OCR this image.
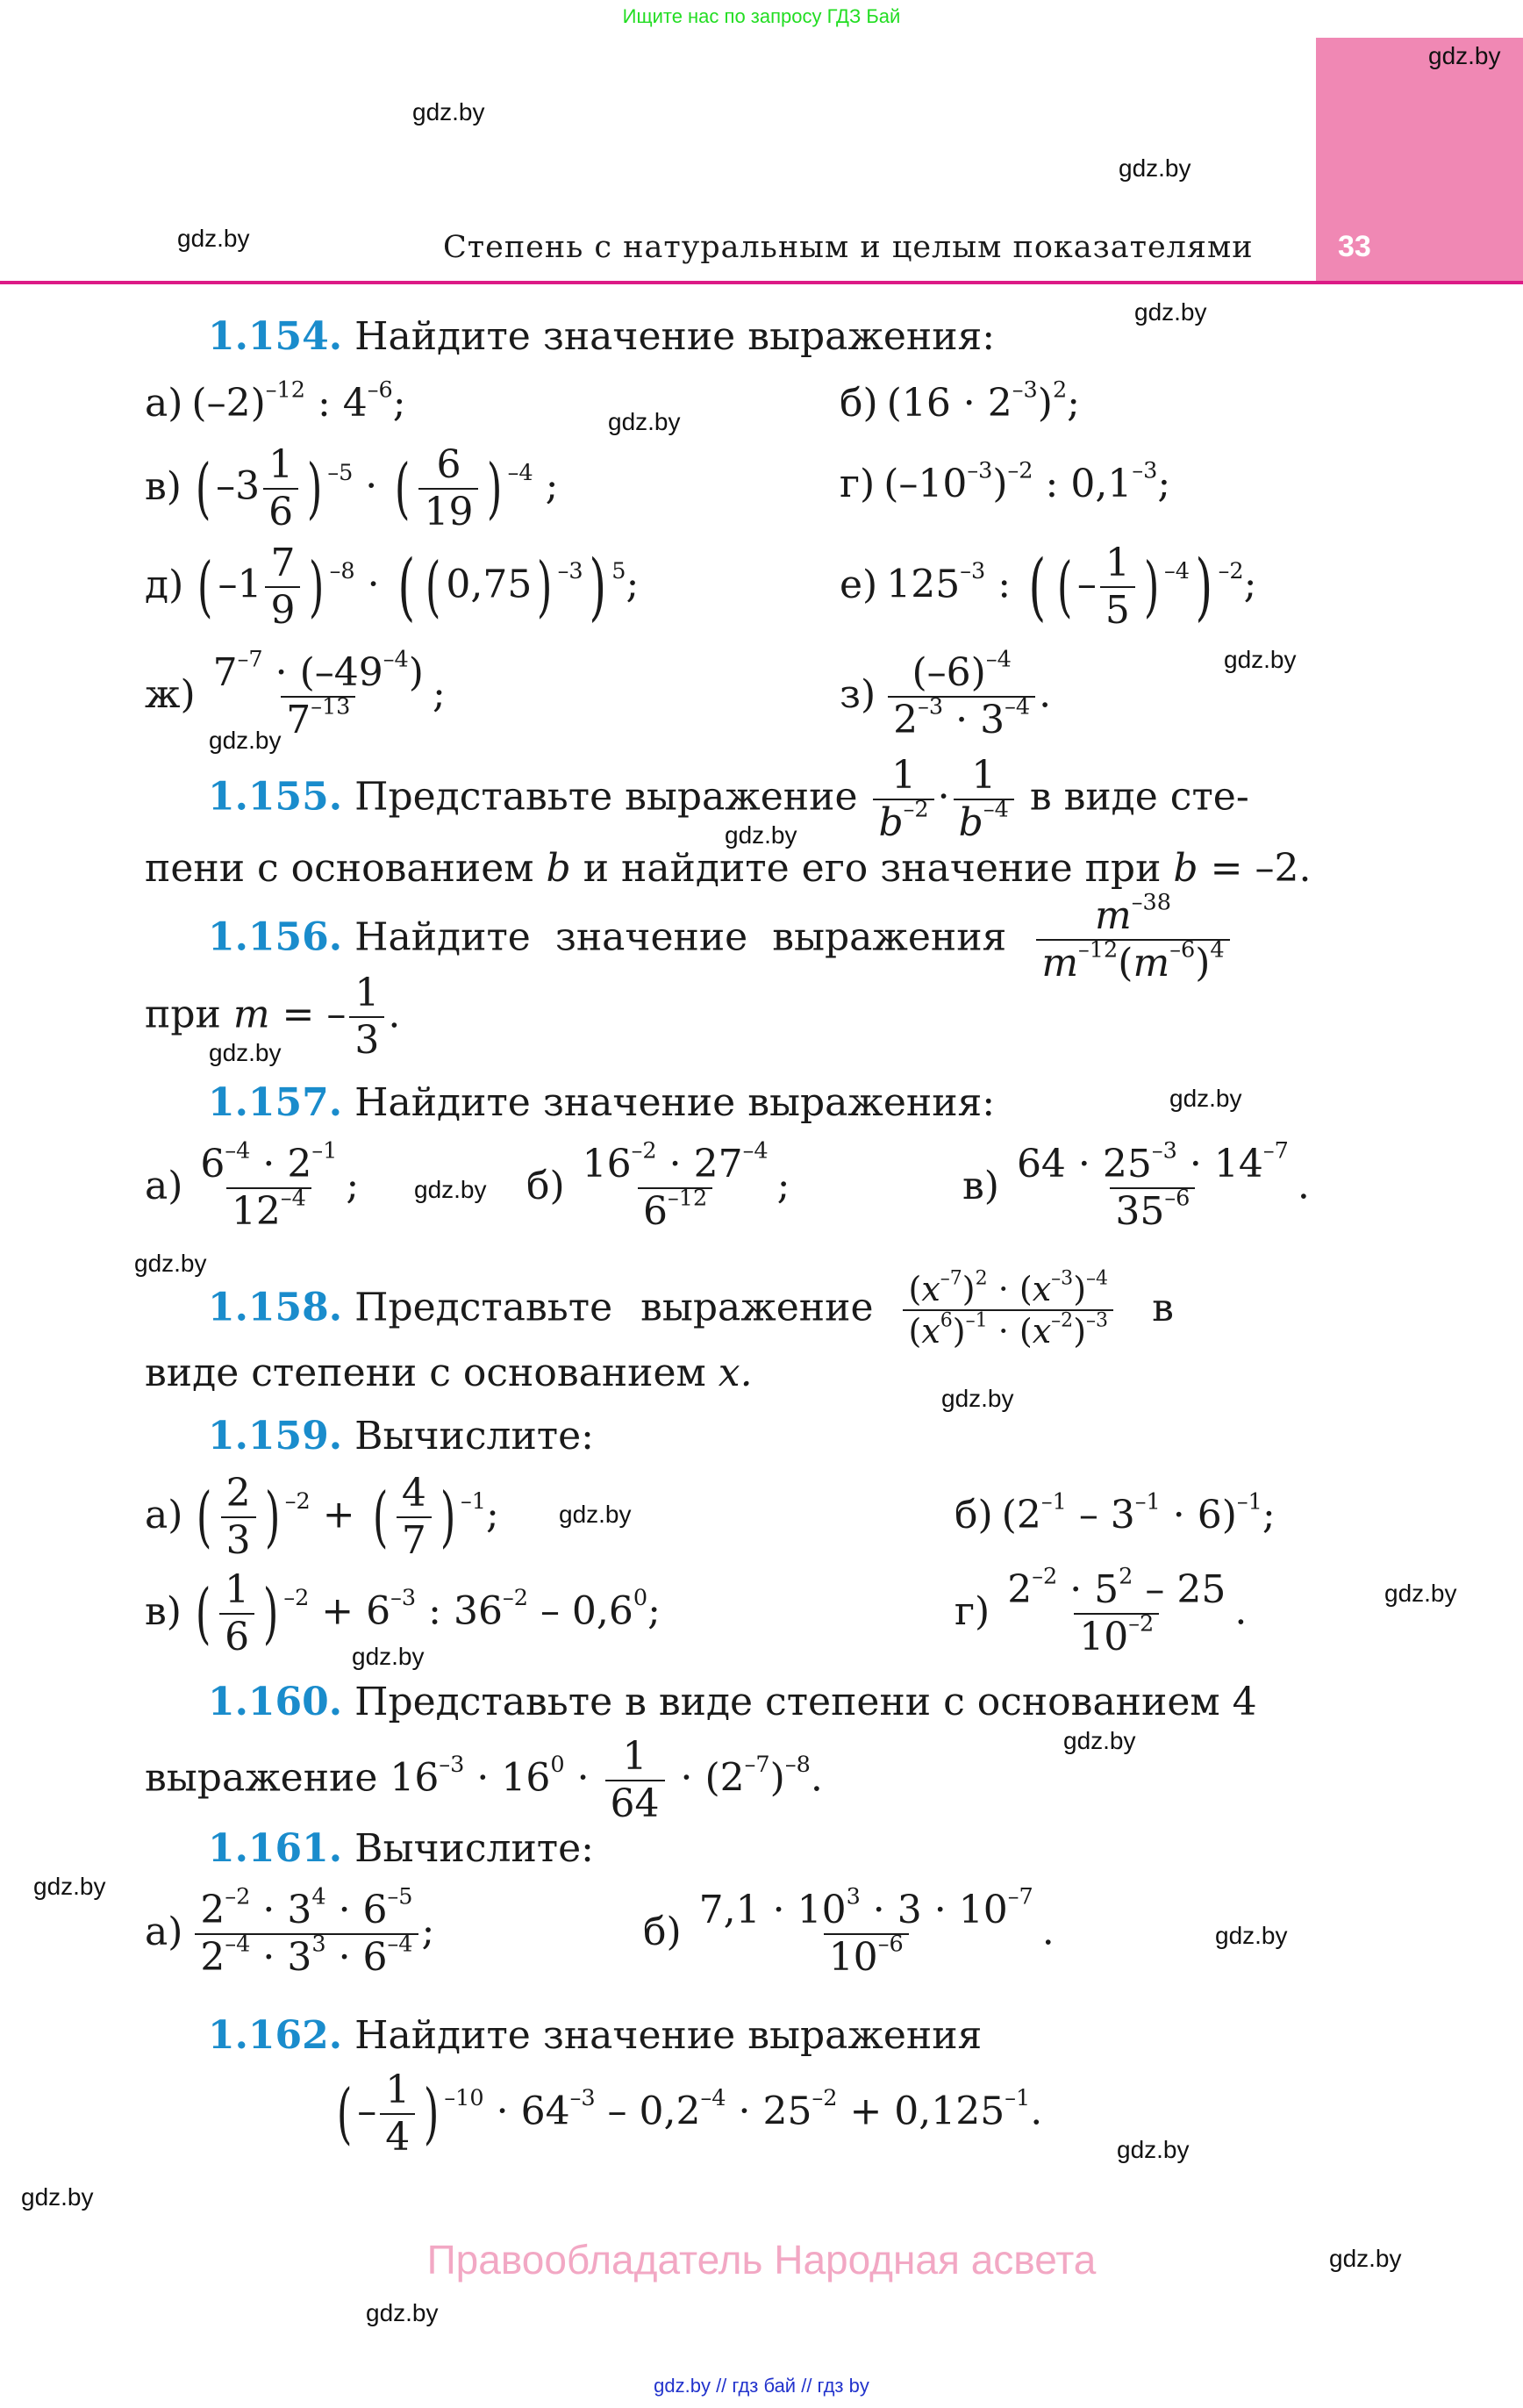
Ищите нас по запросу ГДЗ Бай
33
Степень с натуральным и целым показателями
gdz.by
gdz.by
gdz.by
gdz.by
gdz.by
gdz.by
gdz.by
gdz.by
gdz.by
gdz.by
gdz.by
gdz.by
gdz.by
gdz.by
gdz.by
gdz.by
gdz.by
gdz.by
gdz.by
gdz.by
gdz.by
gdz.by
gdz.by
gdz.by
1.154. Найдите значение выражения:
а) $(-2)^{-12}$ : $4^{-6}$;	б) $(16 \cdot 2^{-3})^2$;
в) ( $-3 \frac{1}{6}$ ) $^{-5}$ · ( $\frac{6}{19}$ ) $^{-4}$ ;	г) $(-10^{-3})^{-2}$ : $0,1^{-3}$;
д) ( $-1 \frac{7}{9}$ ) $^{-8}$ · ( ( 0,75) $^{-3}$) $^5$;	е) $125^{-3}$ : ( ( – $\frac{1}{5}$ ) $^{-4}$) $^{-2}$;
$ж) \frac{7^{-7} \cdot (-49^{-4})}{7^{-13}}$ ;	$з) \frac{(-6)^{-4}}{2^{-3} \cdot 3^{-4}}$ .
1.155. Представьте выражение $\frac{1}{b^{-2}} \cdot \frac{1}{b^{-4}}$ в виде сте-
пени с основанием b и найдите его значение при b = –2.
1.156. Найдите значение выражения $\frac{m^{-38}}{m^{-12}(m^{-6})^4}$
при m = – $\frac{1}{3}$ .
1.157. Найдите значение выражения:
$а) \frac{6^{-4} \cdot 2^{-1}}{12^{-4}}$ ;	$б) \frac{16^{-2} \cdot 27^{-4}}{6^{-12}}$ ;	$в) \frac{64 \cdot 25^{-3} \cdot 14^{-7}}{35^{-6}}$ .
1.158. Представьте выражение $\frac{(x^{-7})^2 \cdot (x^{-3})^{-4}}{(x^6)^{-1} \cdot (x^{-2})^{-3}}$ в
виде степени с основанием x.
1.159. Вычислите:
а) ( $\frac{2}{3}$ ) $^{-2}$ + ( $\frac{4}{7}$ ) $^{-1}$;	б) $(2^{-1} - 3^{-1} \cdot 6)^{-1}$;
в) ( $\frac{1}{6}$ ) $^{-2} + 6^{-3}$ : $36^{-2} - 0,6^0$;	$г) \frac{2^{-2} \cdot 5^2 - 25}{10^{-2}}$ .
1.160. Представьте в виде степени с основанием 4
выражение $16^{-3} \cdot 16^0 \cdot \frac{1}{64} \cdot (2^{-7})^{-8}$.
1.161. Вычислите:
$а) \frac{2^{-2} \cdot 3^4 \cdot 6^{-5}}{2^{-4} \cdot 3^3 \cdot 6^{-4}}$ ;	$б) \frac{7,1 \cdot 10^3 \cdot 3 \cdot 10^{-7}}{10^{-6}}$ .
1.162. Найдите значение выражения
( – $\frac{1}{4}$ ) $^{-10} \cdot 64^{-3} - 0,2^{-4} \cdot 25^{-2} + 0,125^{-1}$.
Правообладатель Народная асвета
gdz.by // гдз бай // гдз by
